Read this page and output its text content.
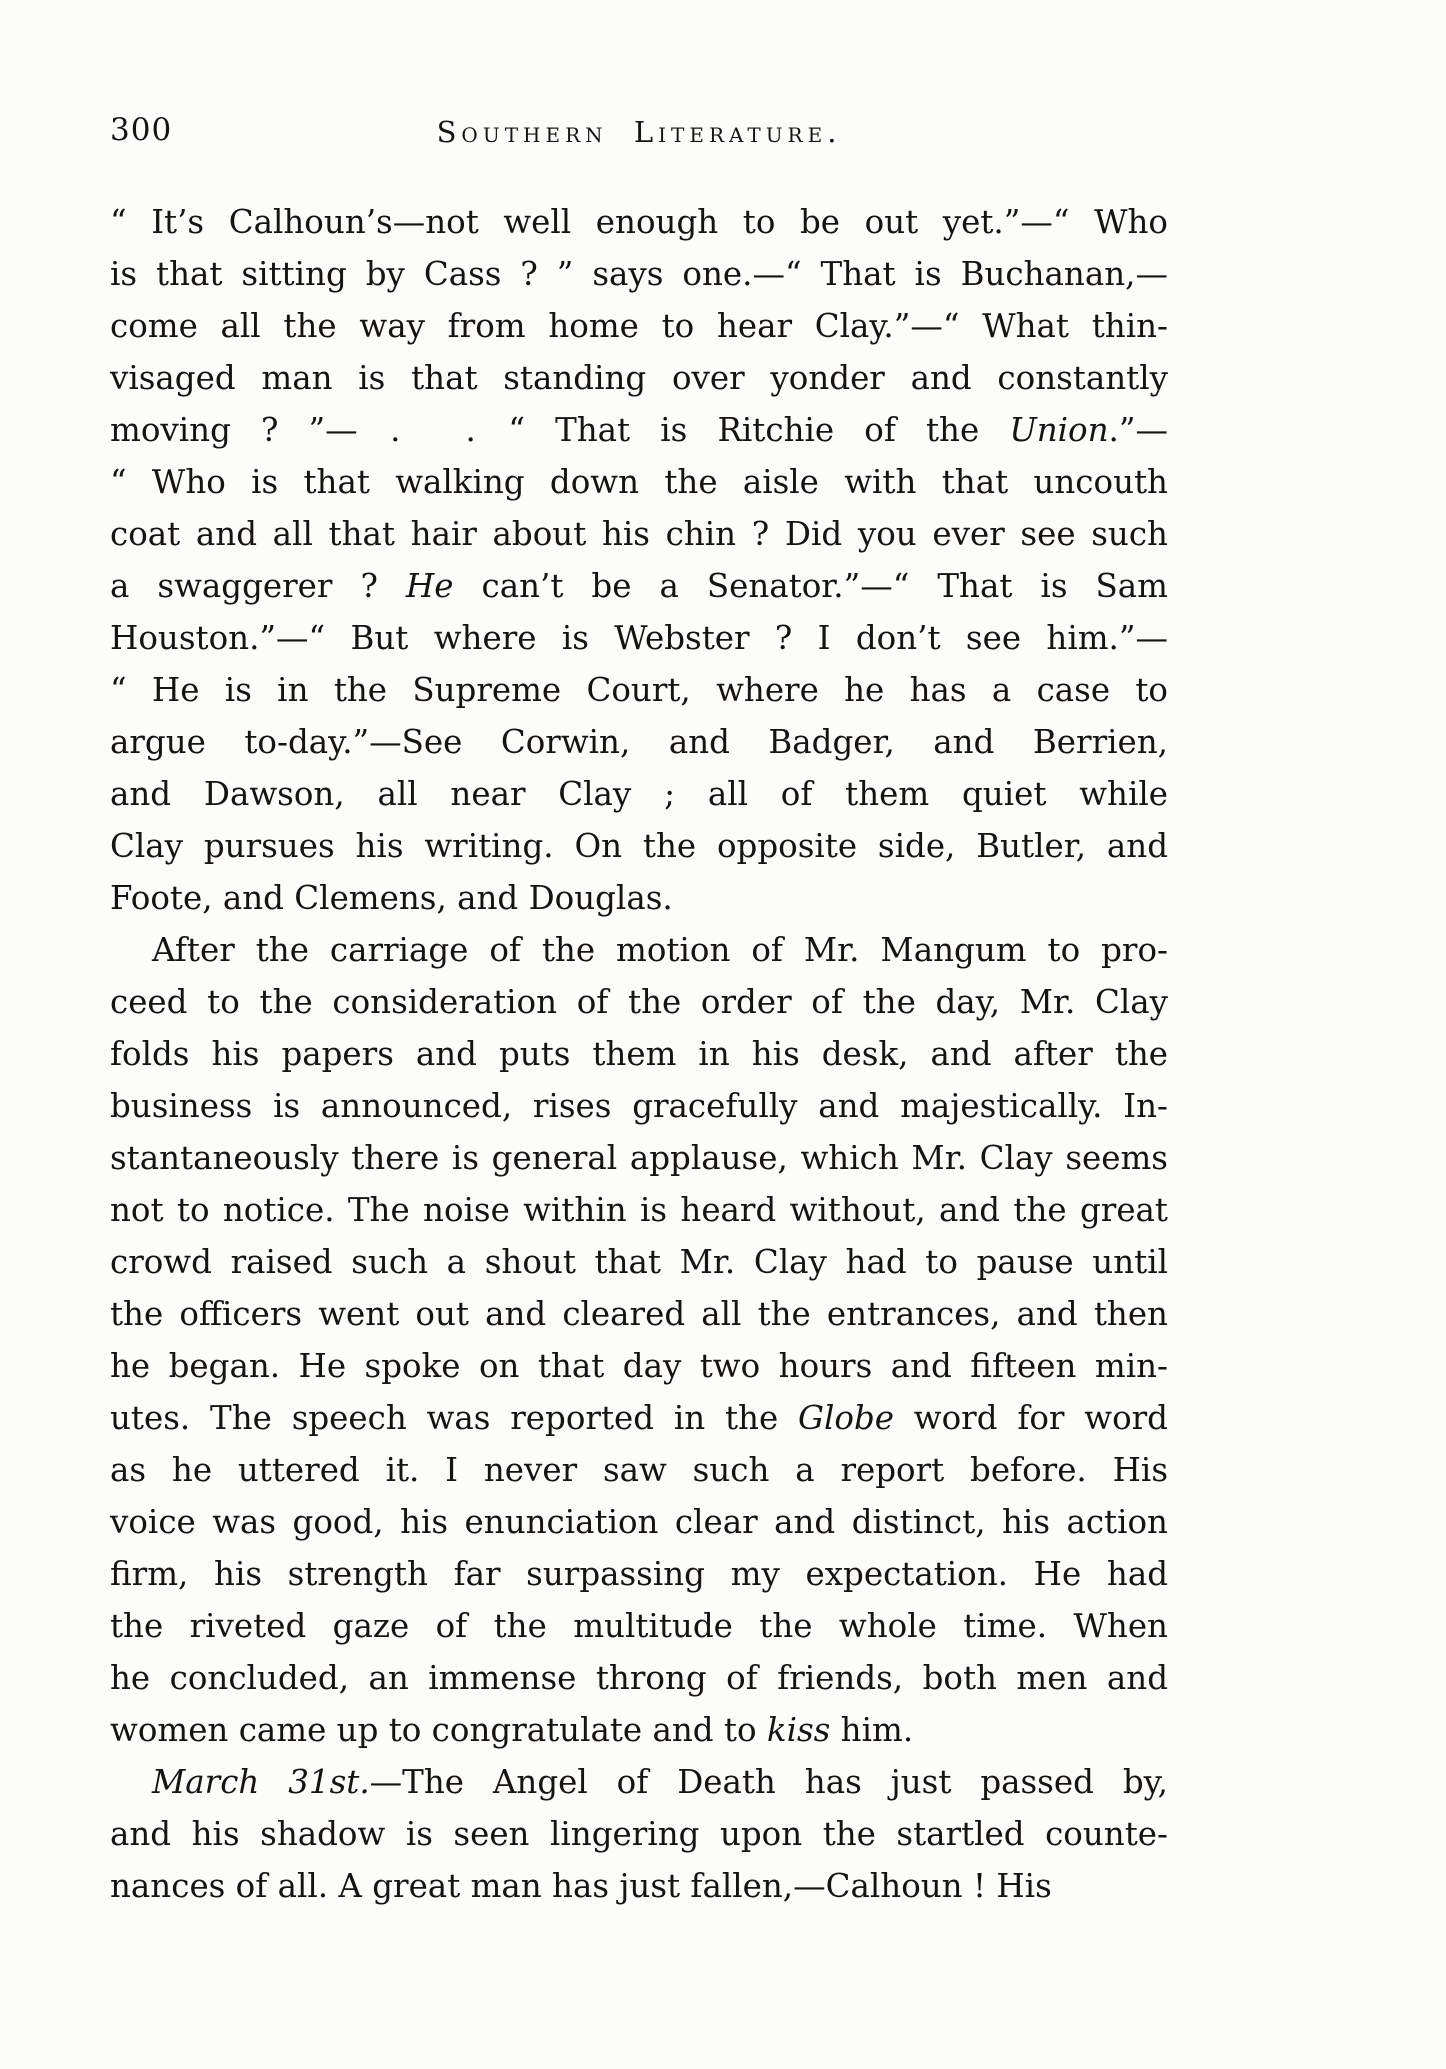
300	Southern Literature.
“ It’s Calhoun’s—not well enough to be out yet.”—“ Who
is that sitting by Cass ? ” says one.—“ That is Buchanan,—
come all the way from home to hear Clay.”—“ What thin-
visaged man is that standing over yonder and constantly
moving ? ”— .  . “ That is Ritchie of the Union.”—
“ Who is that walking down the aisle with that uncouth
coat and all that hair about his chin ? Did you ever see such
a swaggerer ? He can’t be a Senator.”—“ That is Sam
Houston.”—“ But where is Webster ? I don’t see him.”—
“ He is in the Supreme Court, where he has a case to
argue to-day.”—See Corwin, and Badger, and Berrien,
and Dawson, all near Clay ; all of them quiet while
Clay pursues his writing. On the opposite side, Butler, and
Foote, and Clemens, and Douglas.
After the carriage of the motion of Mr. Mangum to pro-
ceed to the consideration of the order of the day, Mr. Clay
folds his papers and puts them in his desk, and after the
business is announced, rises gracefully and majestically. In-
stantaneously there is general applause, which Mr. Clay seems
not to notice. The noise within is heard without, and the great
crowd raised such a shout that Mr. Clay had to pause until
the officers went out and cleared all the entrances, and then
he began. He spoke on that day two hours and fifteen min-
utes. The speech was reported in the Globe word for word
as he uttered it. I never saw such a report before. His
voice was good, his enunciation clear and distinct, his action
firm, his strength far surpassing my expectation. He had
the riveted gaze of the multitude the whole time. When
he concluded, an immense throng of friends, both men and
women came up to congratulate and to kiss him.
March 31st.—The Angel of Death has just passed by,
and his shadow is seen lingering upon the startled counte-
nances of all. A great man has just fallen,—Calhoun ! His
